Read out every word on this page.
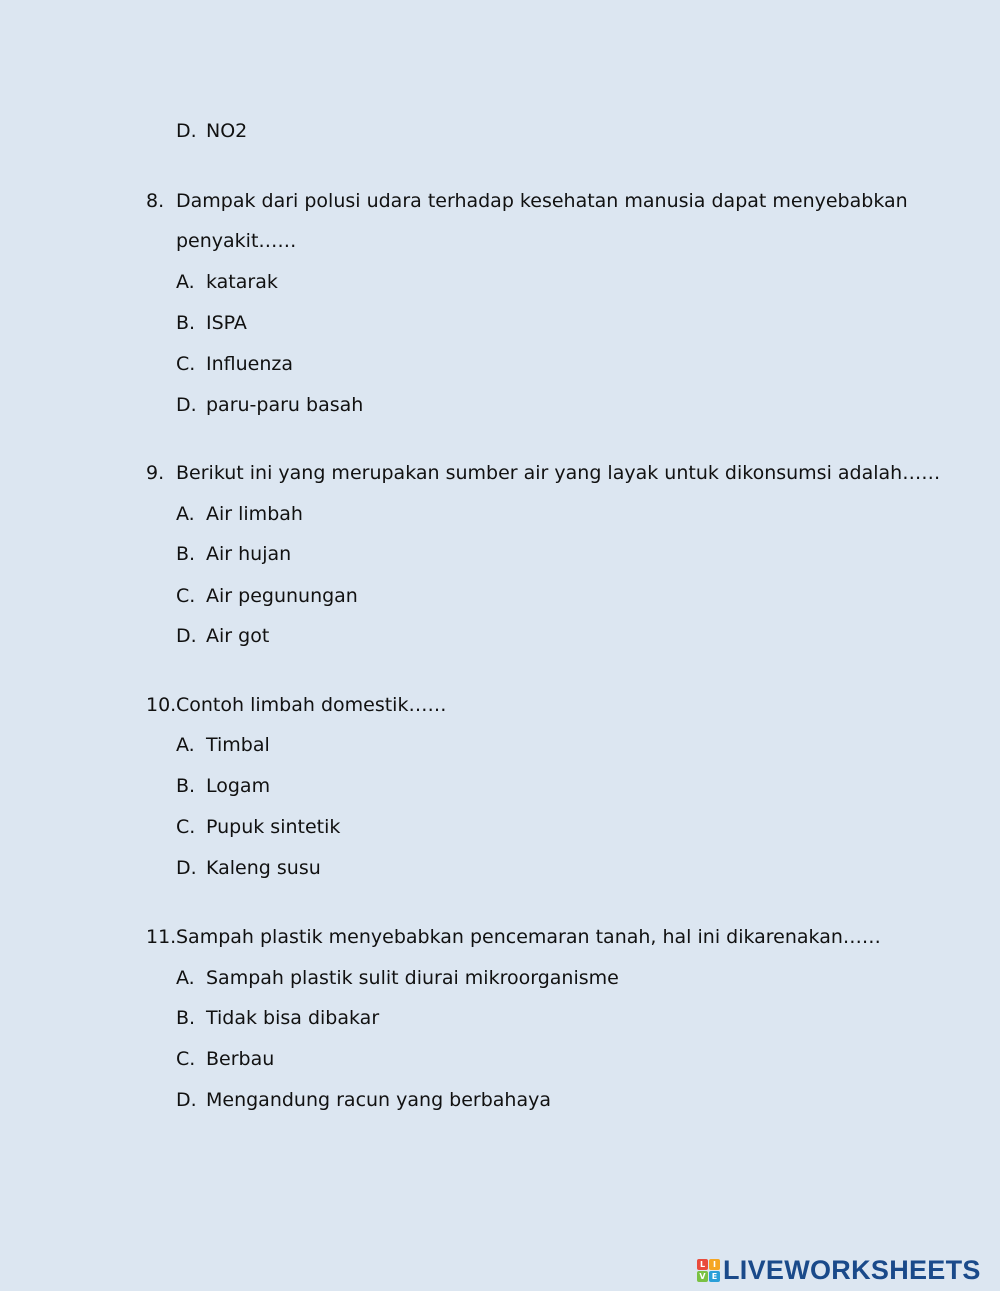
D. NO2
8. Dampak dari polusi udara terhadap kesehatan manusia dapat menyebabkan
penyakit……
A. katarak
B. ISPA
C. Influenza
D. paru-paru basah
9. Berikut ini yang merupakan sumber air yang layak untuk dikonsumsi adalah……
A. Air limbah
B. Air hujan
C. Air pegunungan
D. Air got
10. Contoh limbah domestik……
A. Timbal
B. Logam
C. Pupuk sintetik
D. Kaleng susu
11. Sampah plastik menyebabkan pencemaran tanah, hal ini dikarenakan……
A. Sampah plastik sulit diurai mikroorganisme
B. Tidak bisa dibakar
C. Berbau
D. Mengandung racun yang berbahaya
L I
V E LIVEWORKSHEETS
